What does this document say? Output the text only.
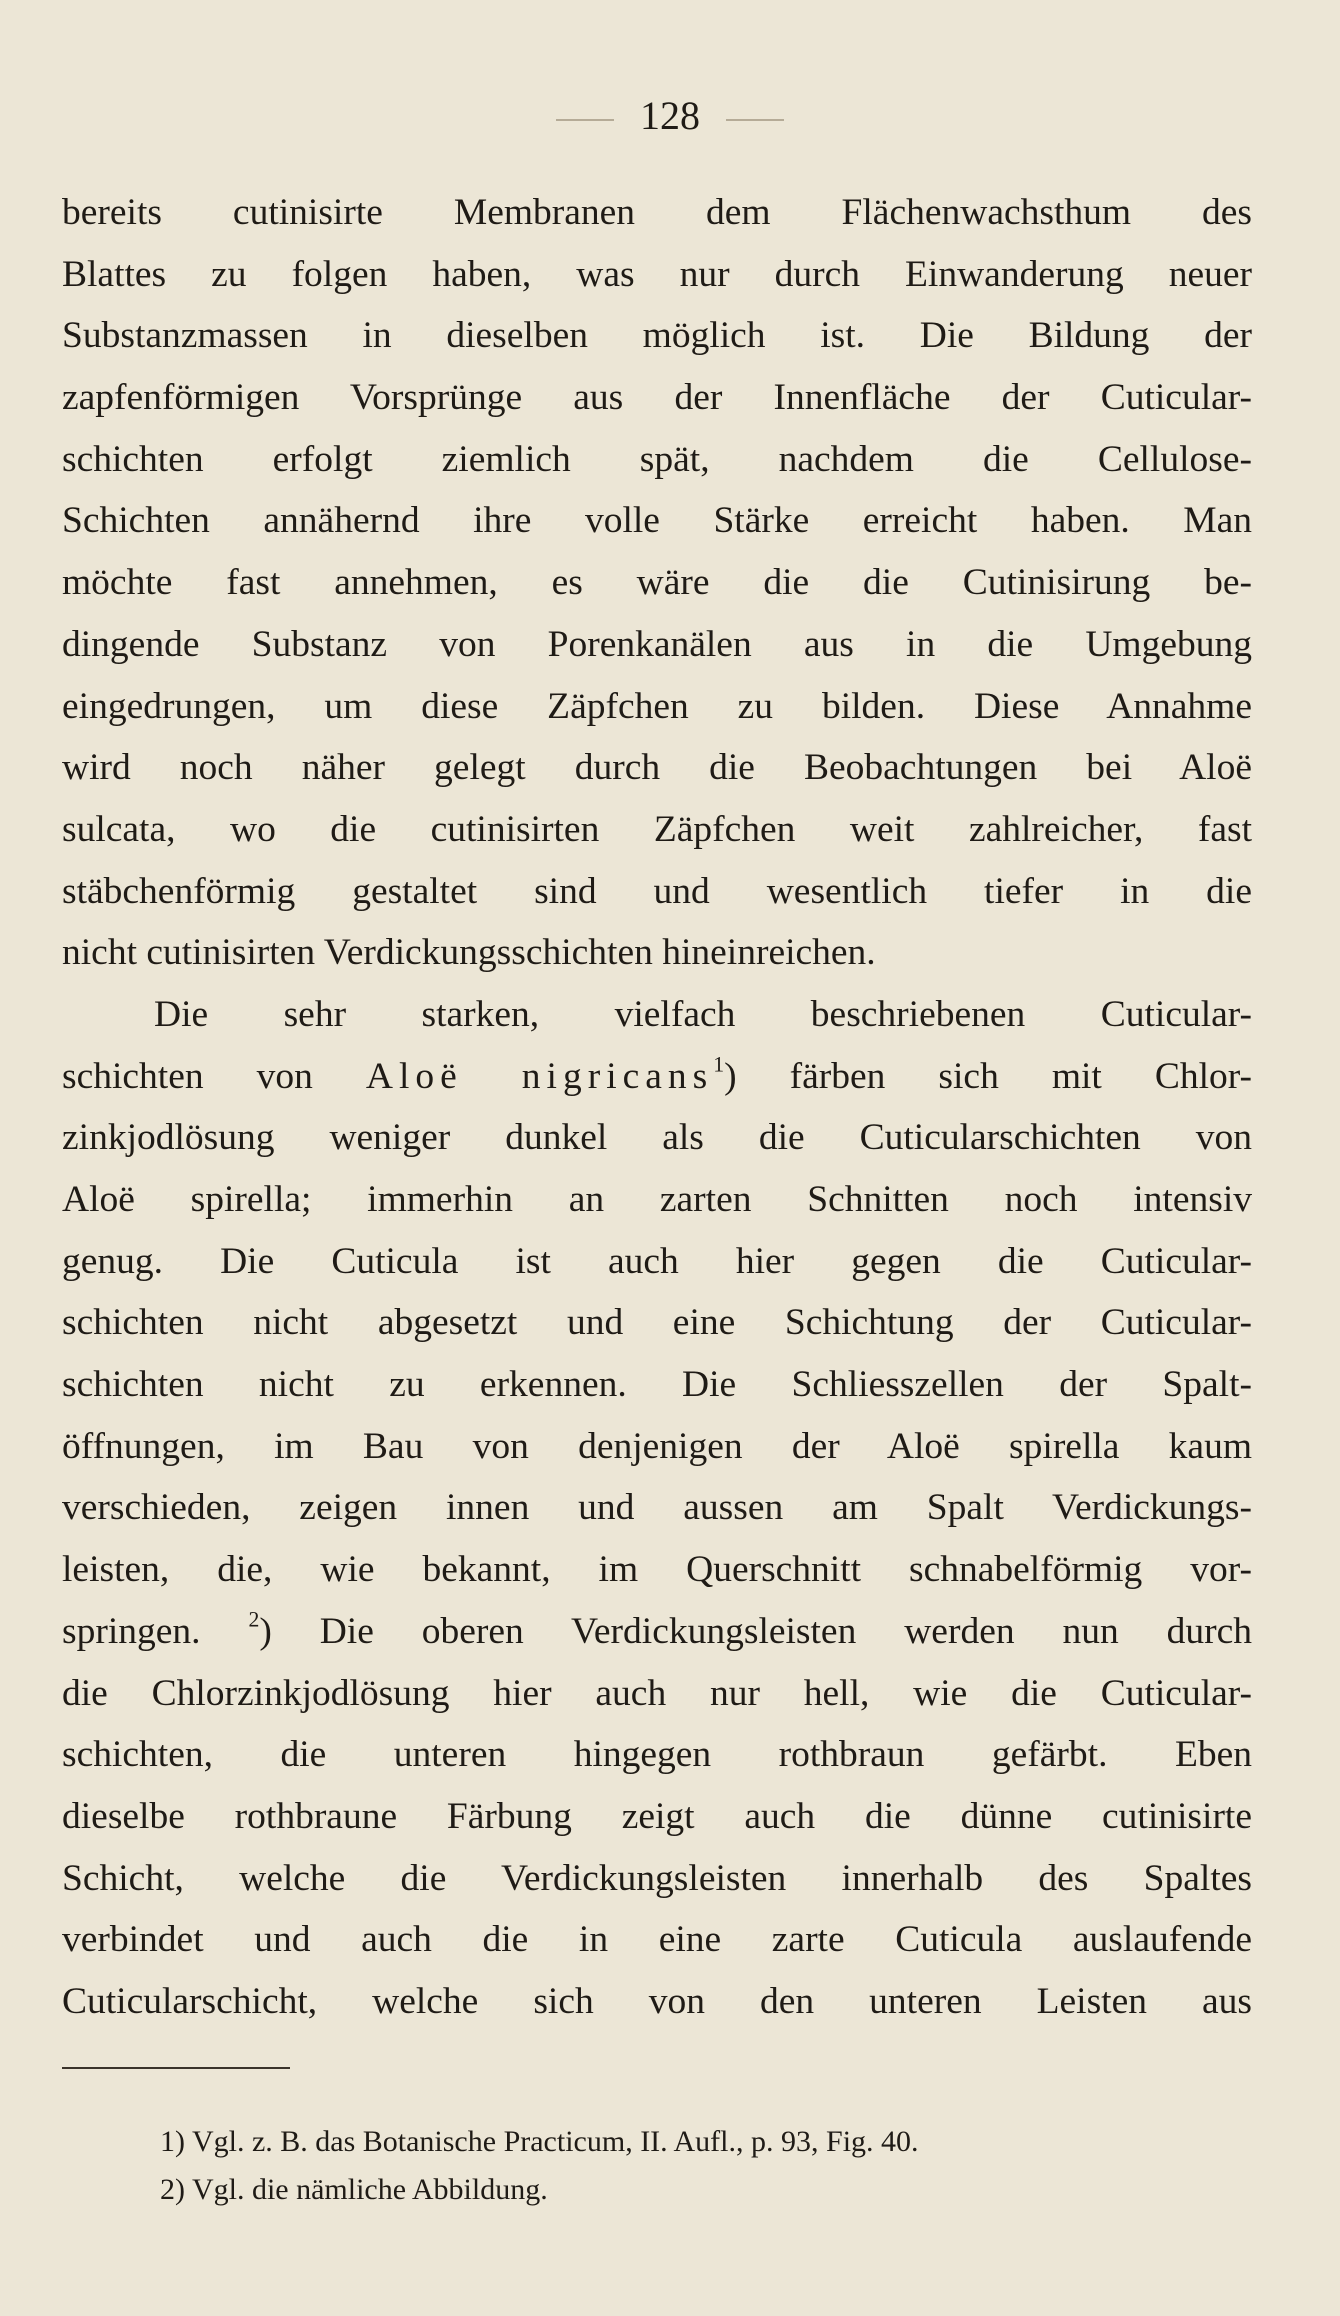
128
bereits cutinisirte Membranen dem Flächenwachsthum des
Blattes zu folgen haben, was nur durch Einwanderung neuer
Substanzmassen in dieselben möglich ist. Die Bildung der
zapfenförmigen Vorsprünge aus der Innenfläche der Cuticular-
schichten erfolgt ziemlich spät, nachdem die Cellulose-
Schichten annähernd ihre volle Stärke erreicht haben. Man
möchte fast annehmen, es wäre die die Cutinisirung be-
dingende Substanz von Porenkanälen aus in die Umgebung
eingedrungen, um diese Zäpfchen zu bilden. Diese Annahme
wird noch näher gelegt durch die Beobachtungen bei Aloë
sulcata, wo die cutinisirten Zäpfchen weit zahlreicher, fast
stäbchenförmig gestaltet sind und wesentlich tiefer in die
nicht cutinisirten Verdickungsschichten hineinreichen.
Die sehr starken, vielfach beschriebenen Cuticular-
schichten von Aloë nigricans$^1$) färben sich mit Chlor-
zinkjodlösung weniger dunkel als die Cuticularschichten von
Aloë spirella; immerhin an zarten Schnitten noch intensiv
genug. Die Cuticula ist auch hier gegen die Cuticular-
schichten nicht abgesetzt und eine Schichtung der Cuticular-
schichten nicht zu erkennen. Die Schliesszellen der Spalt-
öffnungen, im Bau von denjenigen der Aloë spirella kaum
verschieden, zeigen innen und aussen am Spalt Verdickungs-
leisten, die, wie bekannt, im Querschnitt schnabelförmig vor-
springen. $^2$) Die oberen Verdickungsleisten werden nun durch
die Chlorzinkjodlösung hier auch nur hell, wie die Cuticular-
schichten, die unteren hingegen rothbraun gefärbt. Eben
dieselbe rothbraune Färbung zeigt auch die dünne cutinisirte
Schicht, welche die Verdickungsleisten innerhalb des Spaltes
verbindet und auch die in eine zarte Cuticula auslaufende
Cuticularschicht, welche sich von den unteren Leisten aus
1) Vgl. z. B. das Botanische Practicum, II. Aufl., p. 93, Fig. 40.
2) Vgl. die nämliche Abbildung.
